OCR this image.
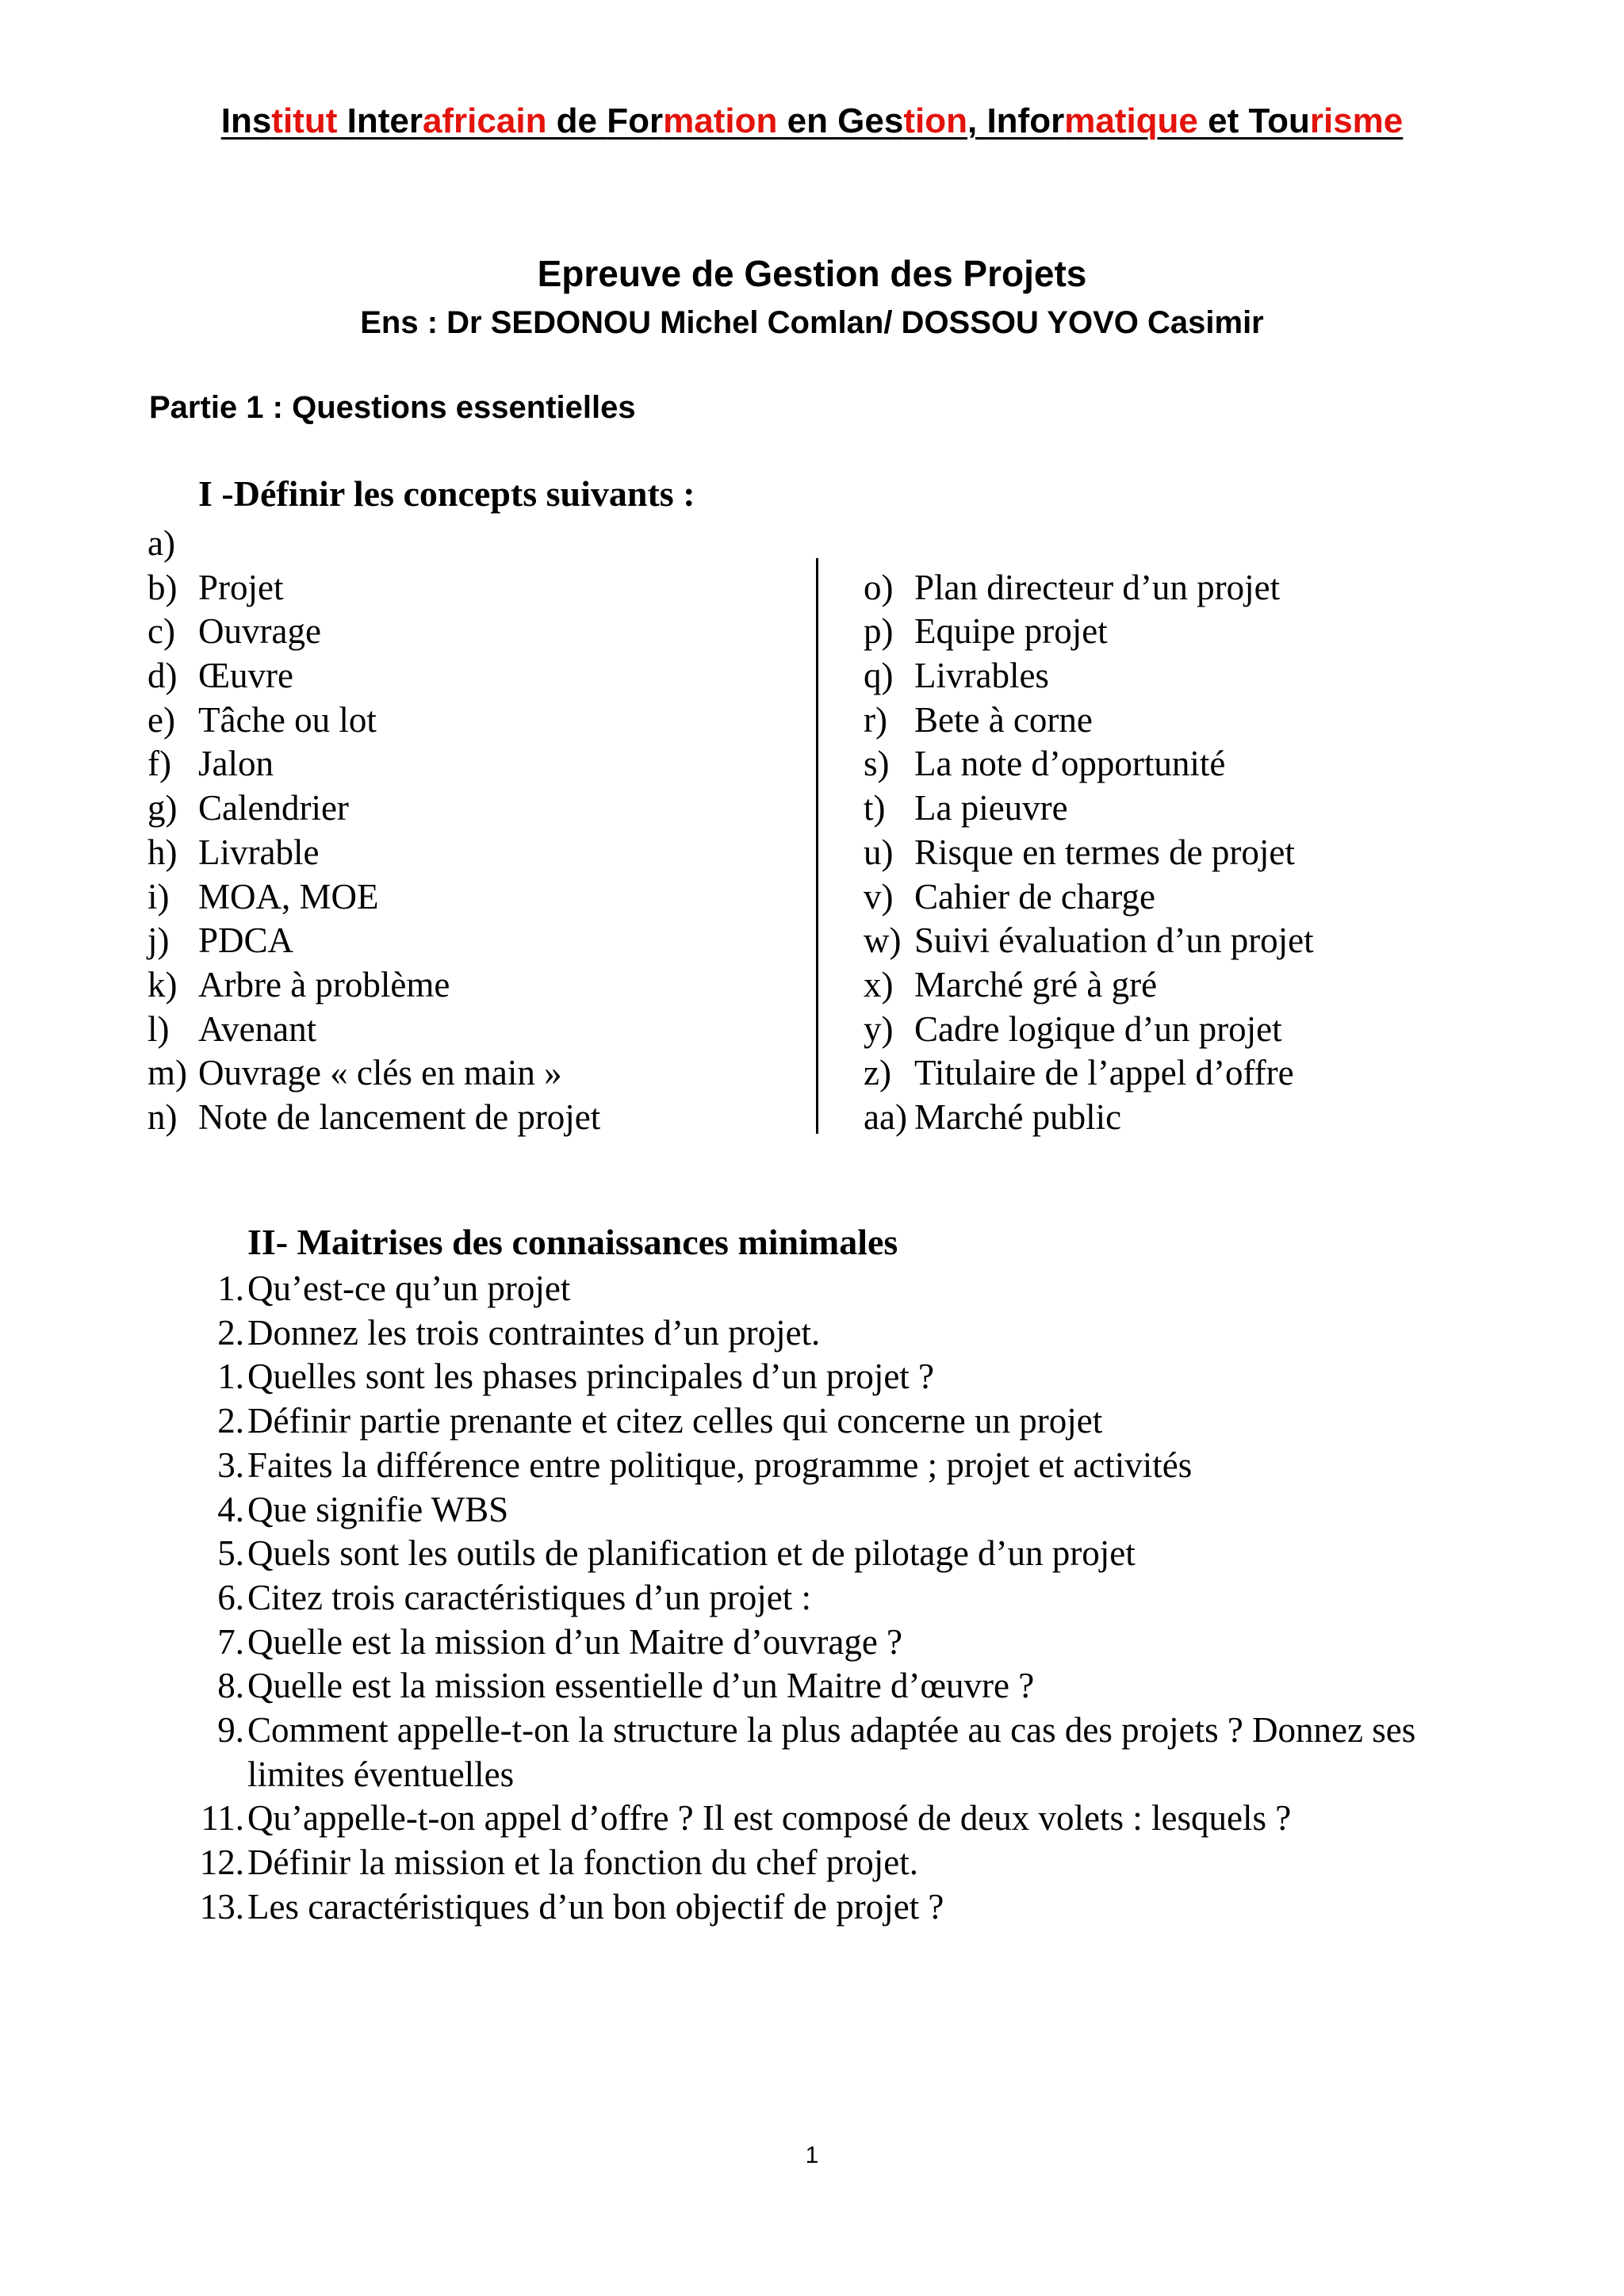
Institut Interafricain de Formation en Gestion, Informatique et Tourisme
Epreuve de Gestion des Projets
Ens : Dr SEDONOU Michel Comlan/ DOSSOU YOVO Casimir
Partie 1 : Questions essentielles
I -Définir les concepts suivants :
a)
b) Projet
c) Ouvrage
d) Œuvre
e) Tâche ou lot
f) Jalon
g) Calendrier
h) Livrable
i) MOA, MOE
j) PDCA
k) Arbre à problème
l) Avenant
m) Ouvrage « clés en main »
n) Note de lancement de projet
o) Plan directeur d’un projet
p) Equipe projet
q) Livrables
r) Bete à corne
s) La note d’opportunité
t) La pieuvre
u) Risque en termes de projet
v) Cahier de charge
w) Suivi évaluation d’un projet
x) Marché gré à gré
y) Cadre logique d’un projet
z) Titulaire de l’appel d’offre
aa) Marché public
II- Maitrises des connaissances minimales
1. Qu’est-ce qu’un projet
2. Donnez les trois contraintes d’un projet.
1. Quelles sont les phases principales d’un projet ?
2. Définir partie prenante et citez celles qui concerne un projet
3. Faites la différence entre politique, programme ; projet et activités
4. Que signifie WBS
5. Quels sont les outils de planification et de pilotage d’un projet
6. Citez trois caractéristiques d’un projet :
7. Quelle est la mission d’un Maitre d’ouvrage ?
8. Quelle est la mission essentielle d’un Maitre d’œuvre ?
9. Comment appelle-t-on la structure la plus adaptée au cas des projets ? Donnez ses limites éventuelles
11. Qu’appelle-t-on appel d’offre ? Il est composé de deux volets : lesquels ?
12. Définir la mission et la fonction du chef projet.
13. Les caractéristiques d’un bon objectif de projet ?
1
